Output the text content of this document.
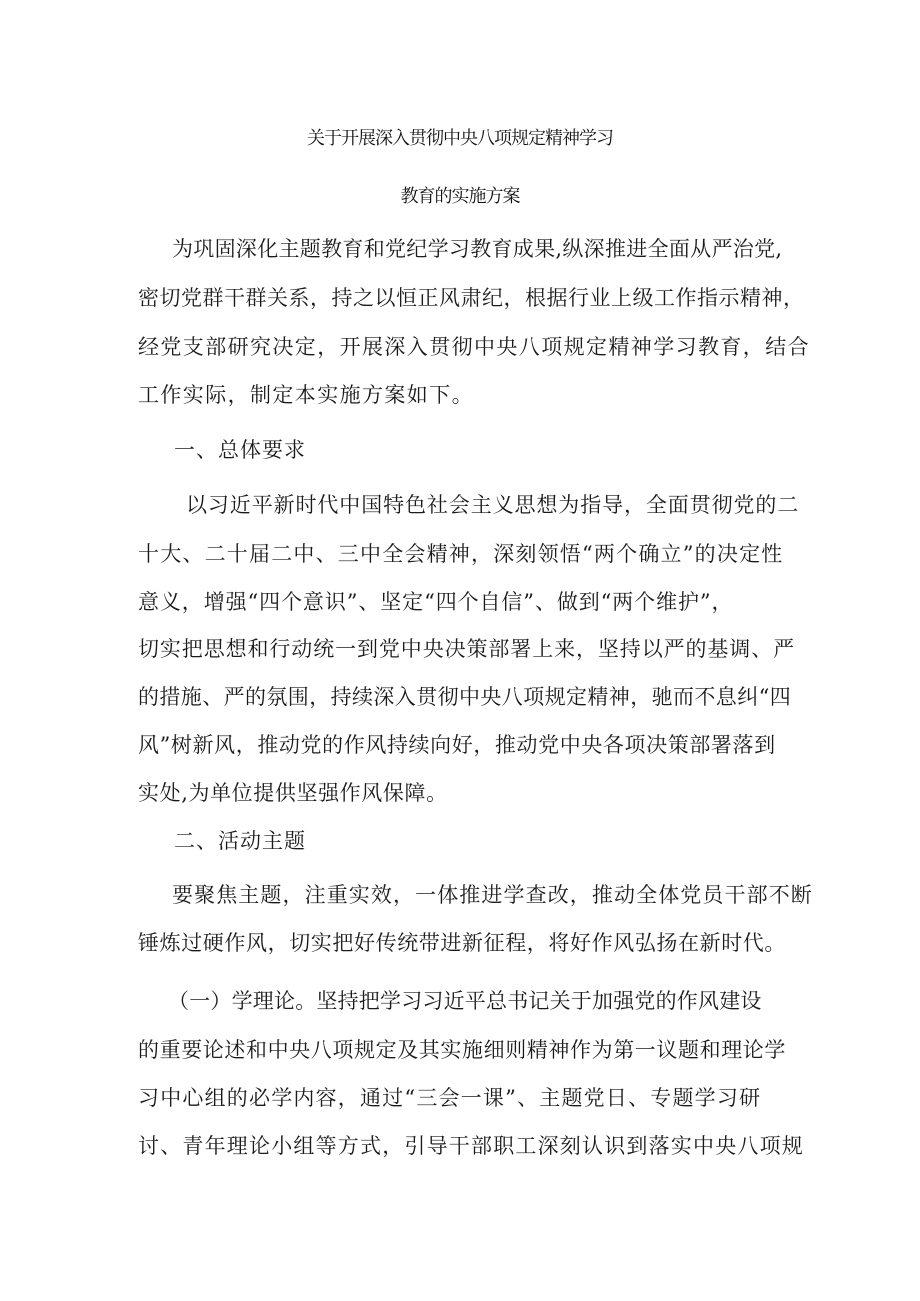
关于开展深入贯彻中央八项规定精神学习
教育的实施方案
为巩固深化主题教育和党纪学习教育成果,纵深推进全面从严治党,
密切党群干群关系，持之以恒正风肃纪，根据行业上级工作指示精神，
经党支部研究决定，开展深入贯彻中央八项规定精神学习教育，结合
工作实际，制定本实施方案如下。
一、总体要求
以习近平新时代中国特色社会主义思想为指导，全面贯彻党的二
十大、二十届二中、三中全会精神，深刻领悟“两个确立”的决定性
意义，增强“四个意识”、坚定“四个自信”、做到“两个维护”，
切实把思想和行动统一到党中央决策部署上来，坚持以严的基调、严
的措施、严的氛围，持续深入贯彻中央八项规定精神，驰而不息纠“四
风”树新风，推动党的作风持续向好，推动党中央各项决策部署落到
实处,为单位提供坚强作风保障。
二、活动主题
要聚焦主题，注重实效，一体推进学查改，推动全体党员干部不断
锤炼过硬作风，切实把好传统带进新征程，将好作风弘扬在新时代。
（一）学理论。坚持把学习习近平总书记关于加强党的作风建设
的重要论述和中央八项规定及其实施细则精神作为第一议题和理论学
习中心组的必学内容，通过“三会一课”、主题党日、专题学习研
讨、青年理论小组等方式，引导干部职工深刻认识到落实中央八项规
